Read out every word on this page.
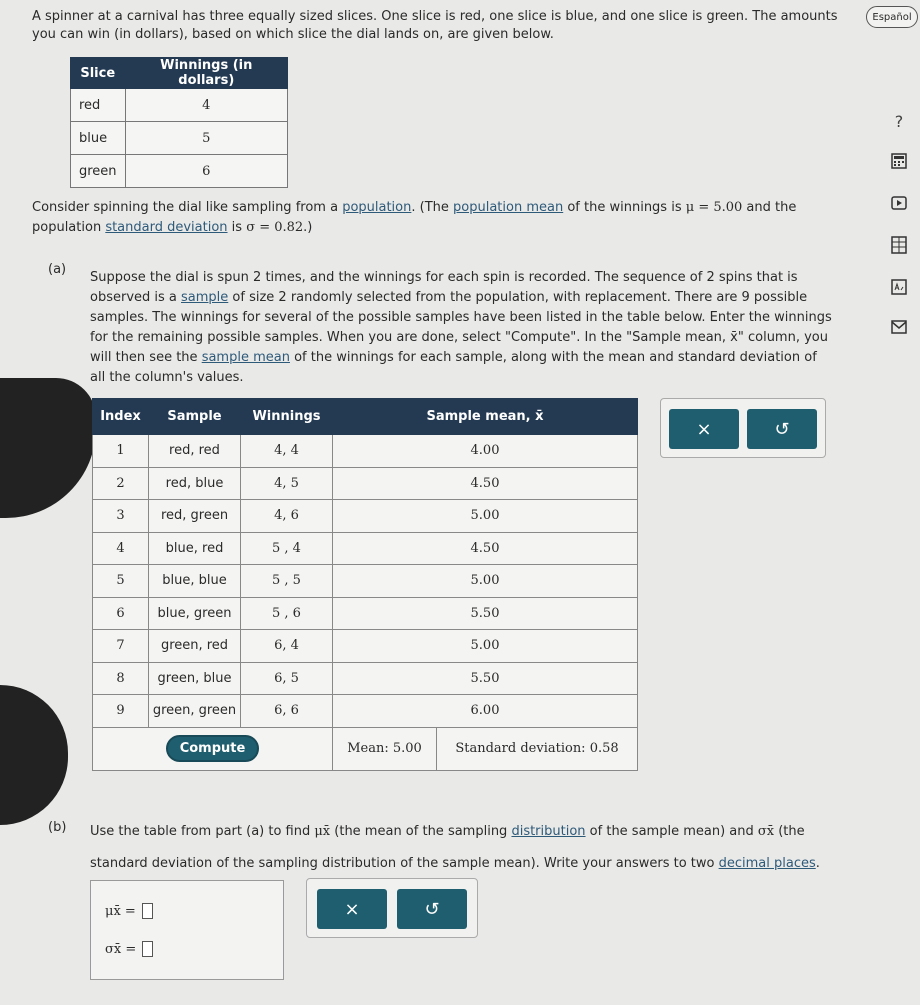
Español

A spinner at a carnival has three equally sized slices. One slice is red, one slice is blue, and one slice is green. The amounts you can win (in dollars), based on which slice the dial lands on, are given below.

Slice	Winnings (in dollars)
red	4
blue	5
green	6

Consider spinning the dial like sampling from a population. (The population mean of the winnings is μ = 5.00 and the population standard deviation is σ = 0.82.)

(a)

Suppose the dial is spun 2 times, and the winnings for each spin is recorded. The sequence of 2 spins that is observed is a sample of size 2 randomly selected from the population, with replacement. There are 9 possible samples. The winnings for several of the possible samples have been listed in the table below. Enter the winnings for the remaining possible samples. When you are done, select "Compute". In the "Sample mean, x̄" column, you will then see the sample mean of the winnings for each sample, along with the mean and standard deviation of all the column's values.

Index	Sample	Winnings	Sample mean, x̄
1	red, red	4, 4	4.00
2	red, blue	4, 5	4.50
3	red, green	4, 6	5.00
4	blue, red	5 , 4	4.50
5	blue, blue	5 , 5	5.00
6	blue, green	5 , 6	5.50
7	green, red	6, 4	5.00
8	green, blue	6, 5	5.50
9	green, green	6, 6	6.00
Compute			Mean: 5.00 Standard deviation: 0.58
×	↺
(b) Use the table from part (a) to find μx̄ (the mean of the sampling distribution of the sample mean) and σx̄ (the standard deviation of the sampling distribution of the sample mean). Write your answers to two decimal places.

μx̄ =
σx̄ =
×	↺
?
